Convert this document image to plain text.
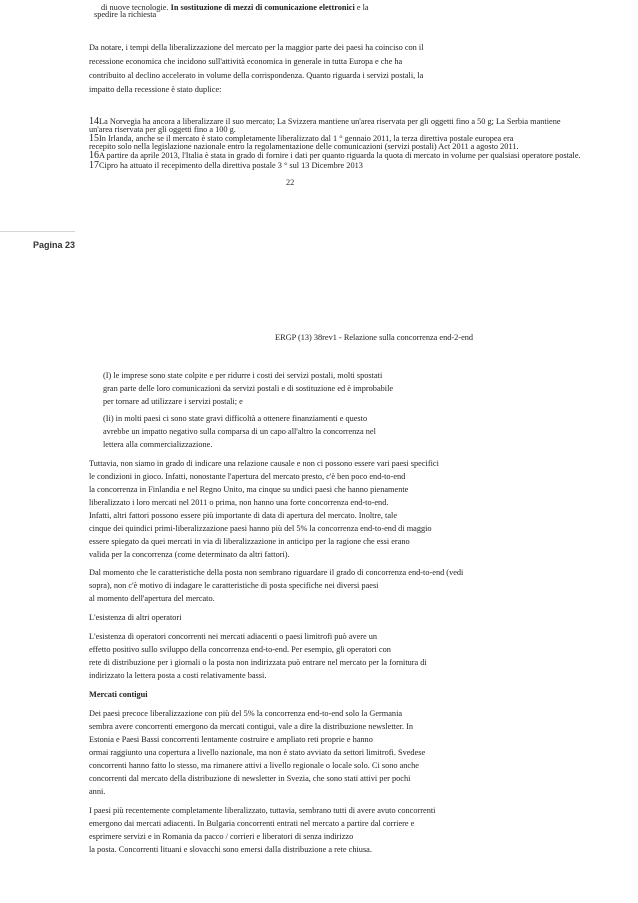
di nuove tecnologie. In sostituzione di mezzi di comunicazione elettronici e la
spedire la richiesta
Da notare, i tempi della liberalizzazione del mercato per la maggior parte dei paesi ha coinciso con il
recessione economica che incidono sull'attività economica in generale in tutta Europa e che ha
contribuito al declino accelerato in volume della corrispondenza. Quanto riguarda i servizi postali, la
impatto della recessione è stato duplice:
14La Norvegia ha ancora a liberalizzare il suo mercato; La Svizzera mantiene un'area riservata per gli oggetti fino a 50 g; La Serbia mantiene
un'area riservata per gli oggetti fino a 100 g.
15In Irlanda, anche se il mercato è stato completamente liberalizzato dal 1 ° gennaio 2011, la terza direttiva postale europea era
recepito solo nella legislazione nazionale entro la regolamentazione delle comunicazioni (servizi postali) Act 2011 a agosto 2011.
16A partire da aprile 2013, l'Italia è stata in grado di fornire i dati per quanto riguarda la quota di mercato in volume per qualsiasi operatore postale.
17Cipro ha attuato il recepimento della direttiva postale 3 ° sul 13 Dicembre 2013
22
Pagina 23
ERGP (13) 38rev1 - Relazione sulla concorrenza end-2-end
(I) le imprese sono state colpite e per ridurre i costi dei servizi postali, molti spostati
gran parte delle loro comunicazioni da servizi postali e di sostituzione ed è improbabile
per tornare ad utilizzare i servizi postali; e
(Ii) in molti paesi ci sono state gravi difficoltà a ottenere finanziamenti e questo
avrebbe un impatto negativo sulla comparsa di un capo all'altro la concorrenza nel
lettera alla commercializzazione.
Tuttavia, non siamo in grado di indicare una relazione causale e non ci possono essere vari paesi specifici
le condizioni in gioco. Infatti, nonostante l'apertura del mercato presto, c'è ben poco end-to-end
la concorrenza in Finlandia e nel Regno Unito, ma cinque su undici paesi che hanno pienamente
liberalizzato i loro mercati nel 2011 o prima, non hanno una forte concorrenza end-to-end.
Infatti, altri fattori possono essere più importante di data di apertura del mercato. Inoltre, tale
cinque dei quindici primi-liberalizzazione paesi hanno più del 5% la concorrenza end-to-end di maggio
essere spiegato da quei mercati in via di liberalizzazione in anticipo per la ragione che essi erano
valida per la concorrenza (come determinato da altri fattori).
Dal momento che le caratteristiche della posta non sembrano riguardare il grado di concorrenza end-to-end (vedi
sopra), non c'è motivo di indagare le caratteristiche di posta specifiche nei diversi paesi
al momento dell'apertura del mercato.
L'esistenza di altri operatori
L'esistenza di operatori concorrenti nei mercati adiacenti o paesi limitrofi può avere un
effetto positivo sullo sviluppo della concorrenza end-to-end. Per esempio, gli operatori con
rete di distribuzione per i giornali o la posta non indirizzata può entrare nel mercato per la fornitura di
indirizzato la lettera posta a costi relativamente bassi.
Mercati contigui
Dei paesi precoce liberalizzazione con più del 5% la concorrenza end-to-end solo la Germania
sembra avere concorrenti emergono da mercati contigui, vale a dire la distribuzione newsletter. In
Estonia e Paesi Bassi concorrenti lentamente costruire e ampliato reti proprie e hanno
ormai raggiunto una copertura a livello nazionale, ma non è stato avviato da settori limitrofi. Svedese
concorrenti hanno fatto lo stesso, ma rimanere attivi a livello regionale o locale solo. Ci sono anche
concorrenti dal mercato della distribuzione di newsletter in Svezia, che sono stati attivi per pochi
anni.
I paesi più recentemente completamente liberalizzato, tuttavia, sembrano tutti di avere avuto concorrenti
emergono dai mercati adiacenti. In Bulgaria concorrenti entrati nel mercato a partire dal corriere e
esprimere servizi e in Romania da pacco / corrieri e liberatori di senza indirizzo
la posta. Concorrenti lituani e slovacchi sono emersi dalla distribuzione a rete chiusa.
